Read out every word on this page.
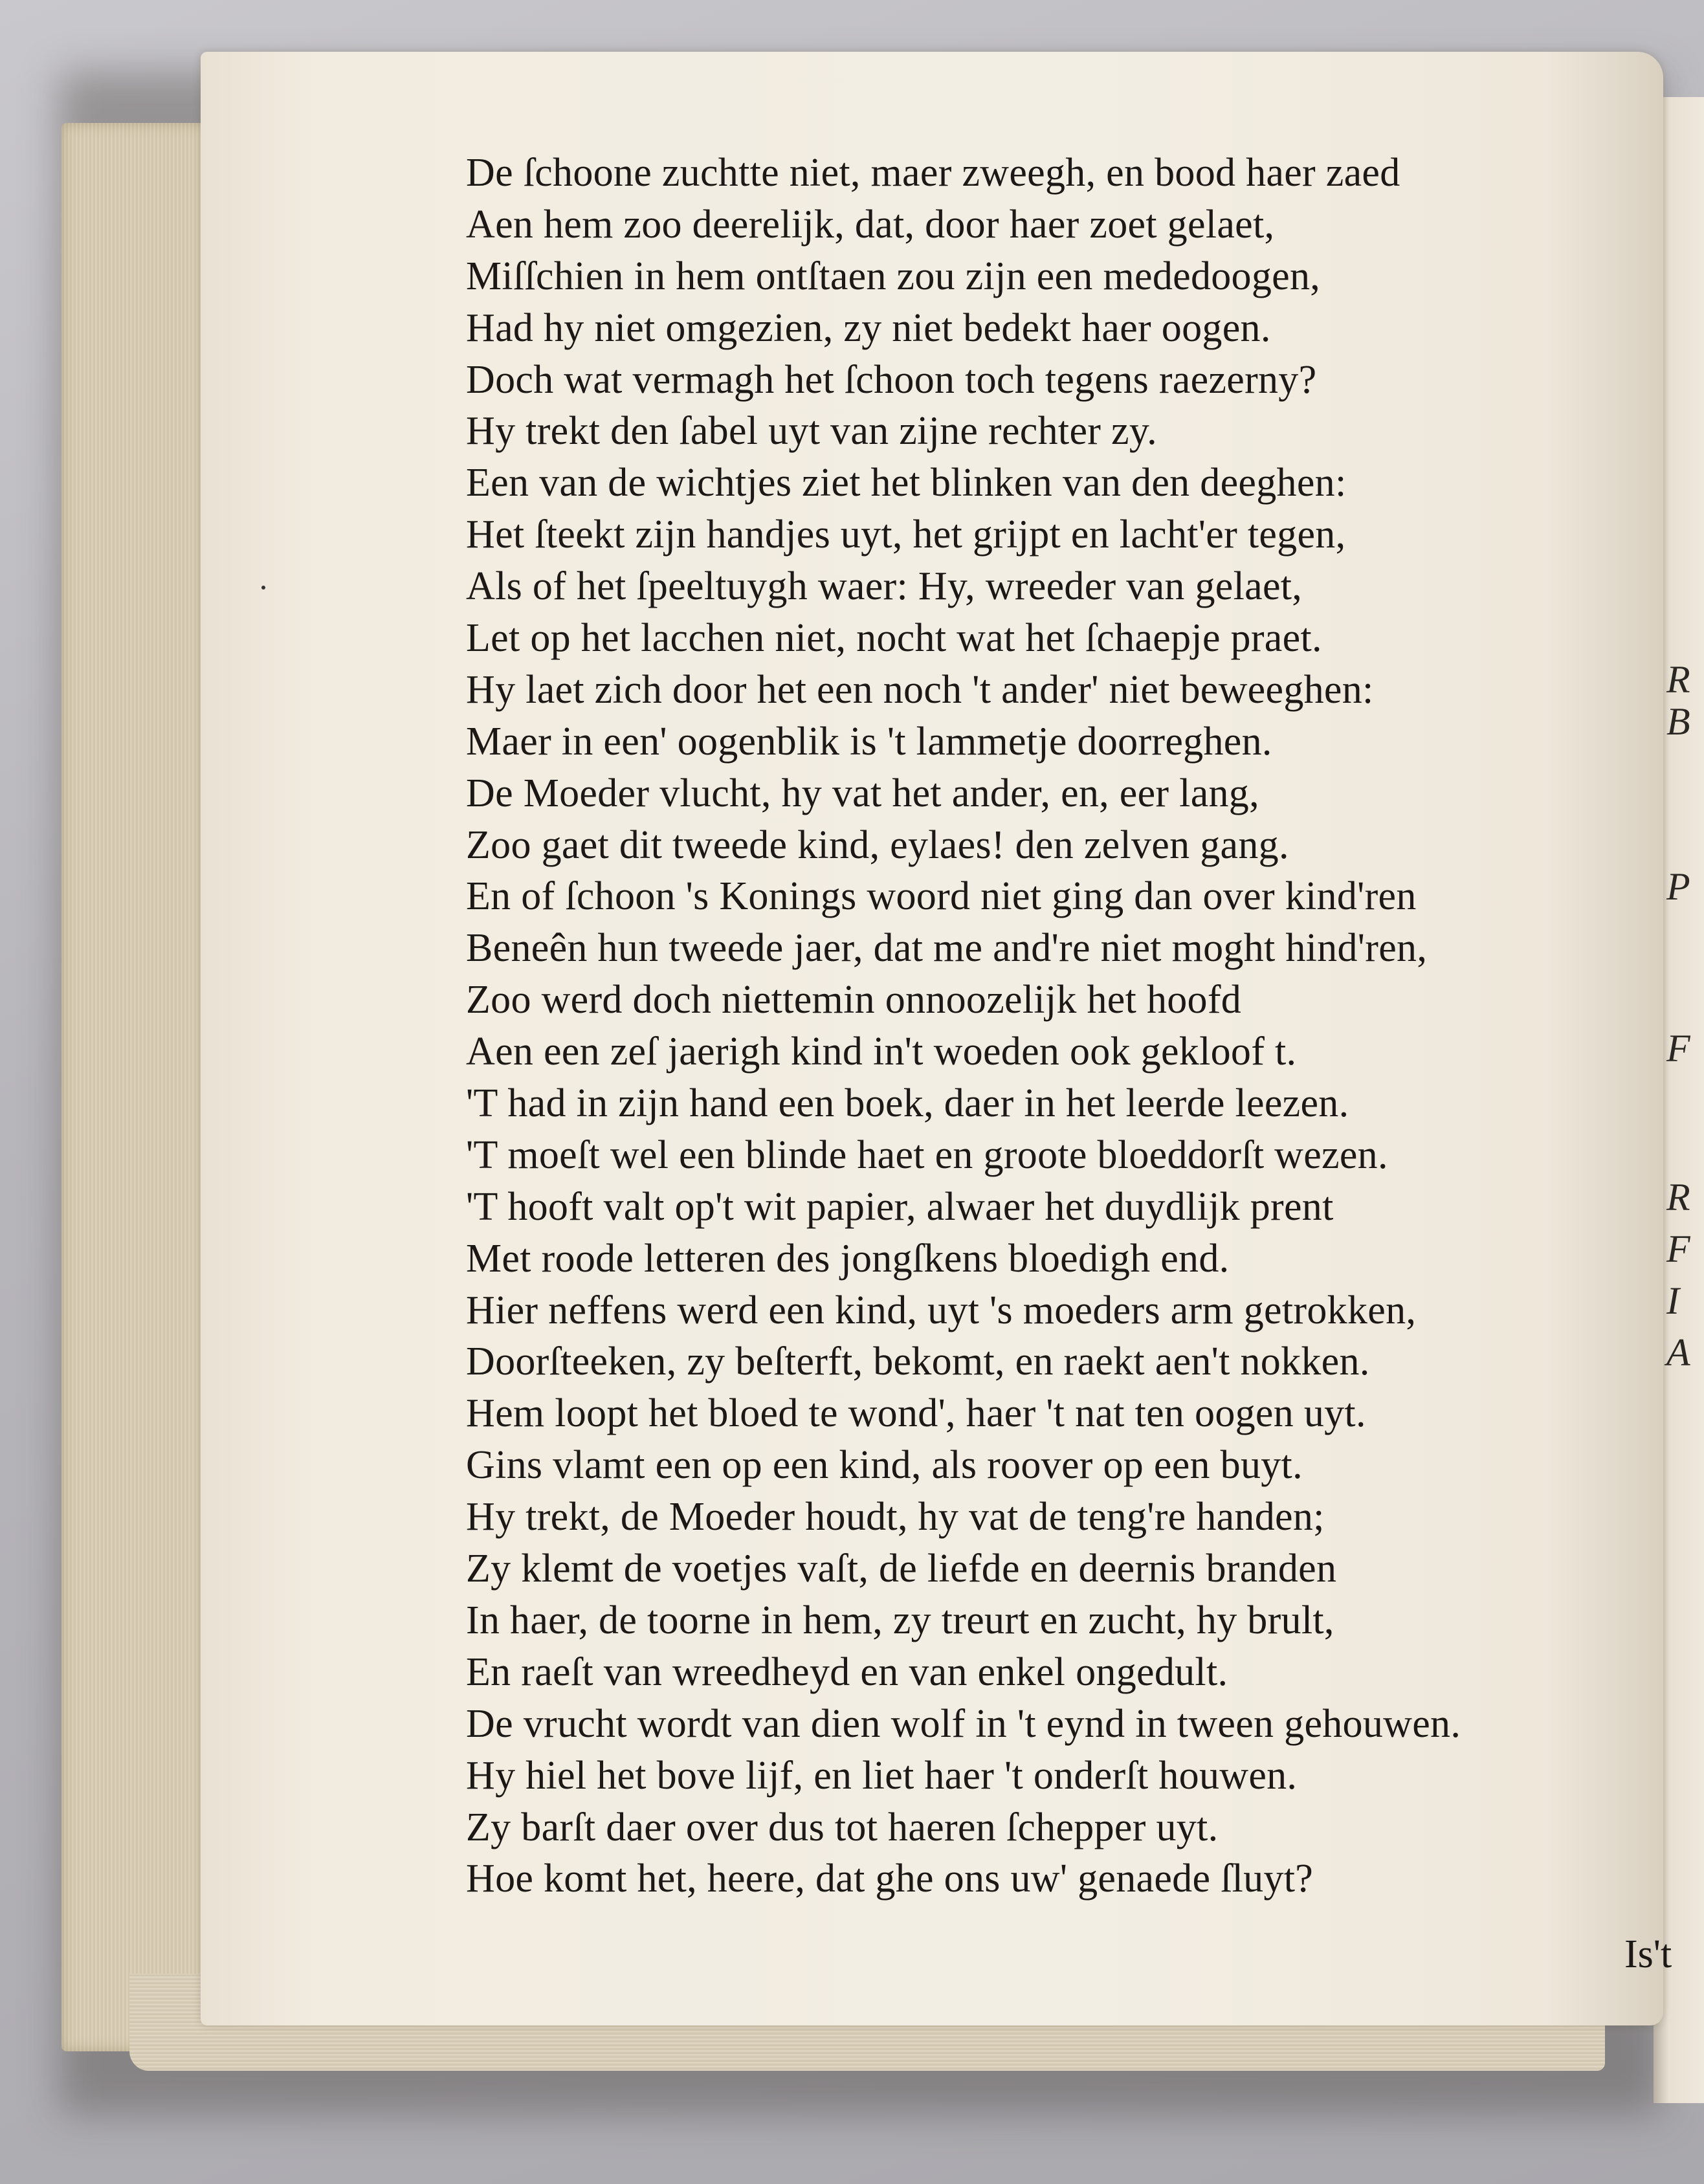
R
B
P
F
R
F
I
A
De ſchoone zuchtte niet, maer zweegh, en bood haer zaed
Aen hem zoo deerelijk, dat, door haer zoet gelaet,
Miſſchien in hem ontſtaen zou zijn een mededoogen,
Had hy niet omgezien, zy niet bedekt haer oogen.
Doch wat vermagh het ſchoon toch tegens raezerny?
Hy trekt den ſabel uyt van zijne rechter zy.
Een van de wichtjes ziet het blinken van den deeghen:
Het ſteekt zijn handjes uyt, het grijpt en lacht'er tegen,
Als of het ſpeeltuygh waer: Hy, wreeder van gelaet,
Let op het lacchen niet, nocht wat het ſchaepje praet.
Hy laet zich door het een noch 't ander' niet beweeghen:
Maer in een' oogenblik is 't lammetje doorreghen.
De Moeder vlucht, hy vat het ander, en, eer lang,
Zoo gaet dit tweede kind, eylaes! den zelven gang.
En of ſchoon 's Konings woord niet ging dan over kind'ren
Beneên hun tweede jaer, dat me and're niet moght hind'ren,
Zoo werd doch niettemin onnoozelijk het hoofd
Aen een zeſ jaerigh kind in't woeden ook gekloof t.
'T had in zijn hand een boek, daer in het leerde leezen.
'T moeſt wel een blinde haet en groote bloeddorſt wezen.
'T hooft valt op't wit papier, alwaer het duydlijk prent
Met roode letteren des jongſkens bloedigh end.
Hier neffens werd een kind, uyt 's moeders arm getrokken,
Doorſteeken, zy beſterft, bekomt, en raekt aen't nokken.
Hem loopt het bloed te wond', haer 't nat ten oogen uyt.
Gins vlamt een op een kind, als roover op een buyt.
Hy trekt, de Moeder houdt, hy vat de teng're handen;
Zy klemt de voetjes vaſt, de liefde en deernis branden
In haer, de toorne in hem, zy treurt en zucht, hy brult,
En raeſt van wreedheyd en van enkel ongedult.
De vrucht wordt van dien wolf in 't eynd in tween gehouwen.
Hy hiel het bove lijf, en liet haer 't onderſt houwen.
Zy barſt daer over dus tot haeren ſchepper uyt.
Hoe komt het, heere, dat ghe ons uw' genaede ſluyt?
Is't
